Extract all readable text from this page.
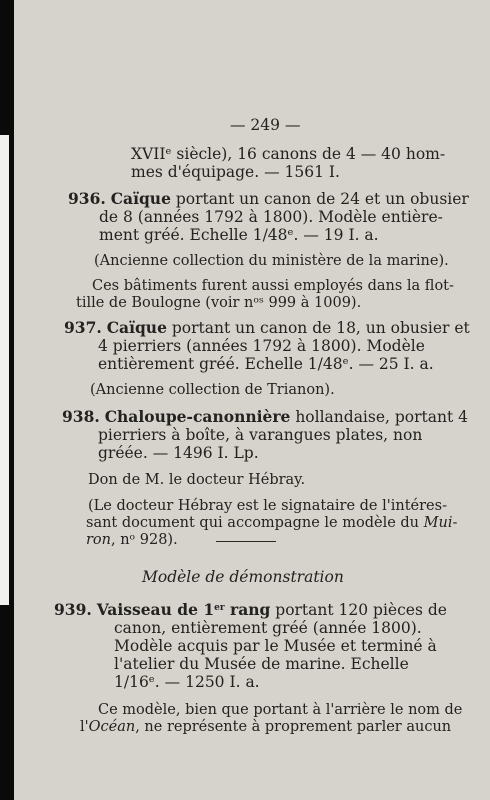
— 249 —
XVIIᵉ siècle), 16 canons de 4 — 40 hom-
mes d'équipage. — 1561 I.
936. Caïque portant un canon de 24 et un obusier
de 8 (années 1792 à 1800). Modèle entière-
ment gréé. Echelle 1/48ᵉ. — 19 I. a.
(Ancienne collection du ministère de la marine).
Ces bâtiments furent aussi employés dans la flot-
tille de Boulogne (voir nᵒˢ 999 à 1009).
937. Caïque portant un canon de 18, un obusier et
4 pierriers (années 1792 à 1800). Modèle
entièrement gréé. Echelle 1/48ᵉ. — 25 I. a.
(Ancienne collection de Trianon).
938. Chaloupe-canonnière hollandaise, portant 4
pierriers à boîte, à varangues plates, non
gréée. — 1496 I. Lp.
Don de M. le docteur Hébray.
(Le docteur Hébray est le signataire de l'intéres-
sant document qui accompagne le modèle du Mui-
ron, nᵒ 928).
Modèle de démonstration
939. Vaisseau de 1er rang portant 120 pièces de
canon, entièrement gréé (année 1800).
Modèle acquis par le Musée et terminé à
l'atelier du Musée de marine. Echelle
1/16ᵉ. — 1250 I. a.
Ce modèle, bien que portant à l'arrière le nom de
l'Océan, ne représente à proprement parler aucun
